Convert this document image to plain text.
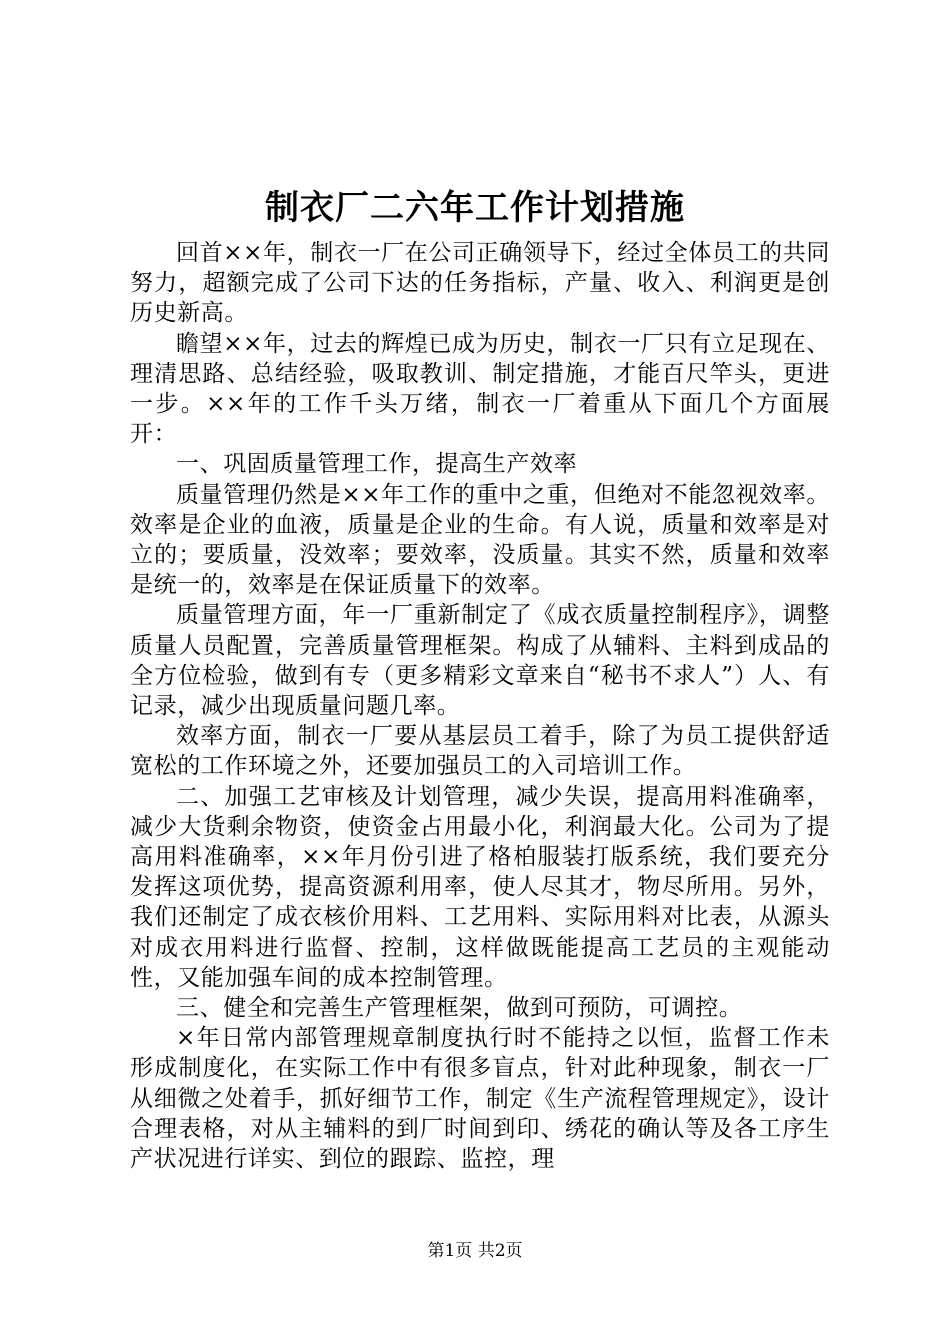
制衣厂二六年工作计划措施

回首××年，制衣一厂在公司正确领导下，经过全体员工的共同努力，超额完成了公司下达的任务指标，产量、收入、利润更是创历史新高。

瞻望××年，过去的辉煌已成为历史，制衣一厂只有立足现在、理清思路、总结经验，吸取教训、制定措施，才能百尺竿头，更进一步。××年的工作千头万绪，制衣一厂着重从下面几个方面展开：

一、巩固质量管理工作，提高生产效率

质量管理仍然是××年工作的重中之重，但绝对不能忽视效率。效率是企业的血液，质量是企业的生命。有人说，质量和效率是对立的；要质量，没效率；要效率，没质量。其实不然，质量和效率是统一的，效率是在保证质量下的效率。

质量管理方面，年一厂重新制定了《成衣质量控制程序》，调整质量人员配置，完善质量管理框架。构成了从辅料、主料到成品的全方位检验，做到有专（更多精彩文章来自“秘书不求人”）人、有记录，减少出现质量问题几率。

效率方面，制衣一厂要从基层员工着手，除了为员工提供舒适宽松的工作环境之外，还要加强员工的入司培训工作。

二、加强工艺审核及计划管理，减少失误，提高用料准确率，减少大货剩余物资，使资金占用最小化，利润最大化。公司为了提高用料准确率，××年月份引进了格柏服装打版系统，我们要充分发挥这项优势，提高资源利用率，使人尽其才，物尽所用。另外，我们还制定了成衣核价用料、工艺用料、实际用料对比表，从源头对成衣用料进行监督、控制，这样做既能提高工艺员的主观能动性，又能加强车间的成本控制管理。

三、健全和完善生产管理框架，做到可预防，可调控。

×年日常内部管理规章制度执行时不能持之以恒，监督工作未形成制度化，在实际工作中有很多盲点，针对此种现象，制衣一厂从细微之处着手，抓好细节工作，制定《生产流程管理规定》，设计合理表格，对从主辅料的到厂时间到印、绣花的确认等及各工序生产状况进行详实、到位的跟踪、监控，理

第1页 共2页
